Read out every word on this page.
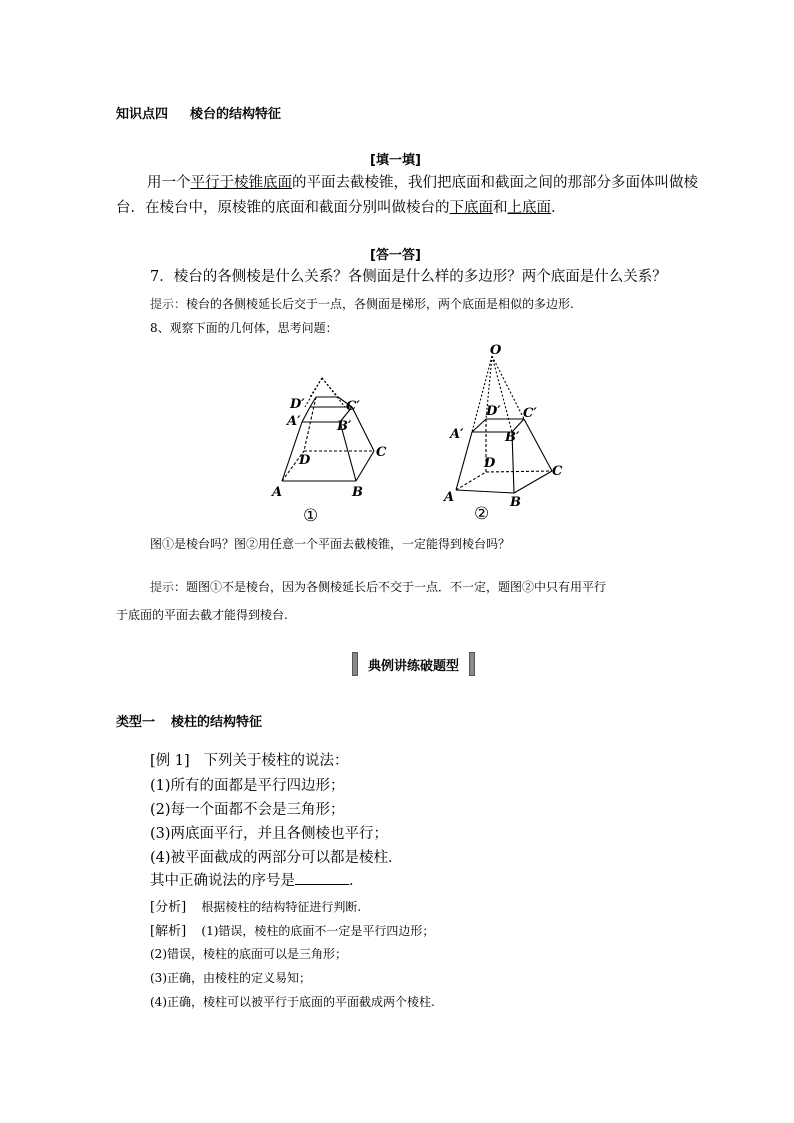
知识点四 棱台的结构特征
[填一填]
用一个平行于棱锥底面的平面去截棱锥，我们把底面和截面之间的那部分多面体叫做棱
台．在棱台中，原棱锥的底面和截面分别叫做棱台的下底面和上底面．
[答一答]
7．棱台的各侧棱是什么关系？各侧面是什么样的多边形？两个底面是什么关系？
提示：棱台的各侧棱延长后交于一点，各侧面是梯形，两个底面是相似的多边形.
8、观察下面的几何体，思考问题：
D′	C′
A′	B′
D
C
A	B
①
O
D′ C′
A′	B′
D
C
A	B
②
图①是棱台吗？图②用任意一个平面去截棱锥，一定能得到棱台吗？
提示：题图①不是棱台，因为各侧棱延长后不交于一点．不一定，题图②中只有用平行
于底面的平面去截才能得到棱台.
典例讲练破题型
类型一 棱柱的结构特征
[例 1] 下列关于棱柱的说法：
(1)所有的面都是平行四边形；
(2)每一个面都不会是三角形；
(3)两底面平行，并且各侧棱也平行；
(4)被平面截成的两部分可以都是棱柱．
其中正确说法的序号是	．
[分析] 根据棱柱的结构特征进行判断.
[解析] (1)错误，棱柱的底面不一定是平行四边形；
(2)错误，棱柱的底面可以是三角形；
(3)正确，由棱柱的定义易知；
(4)正确，棱柱可以被平行于底面的平面截成两个棱柱.
